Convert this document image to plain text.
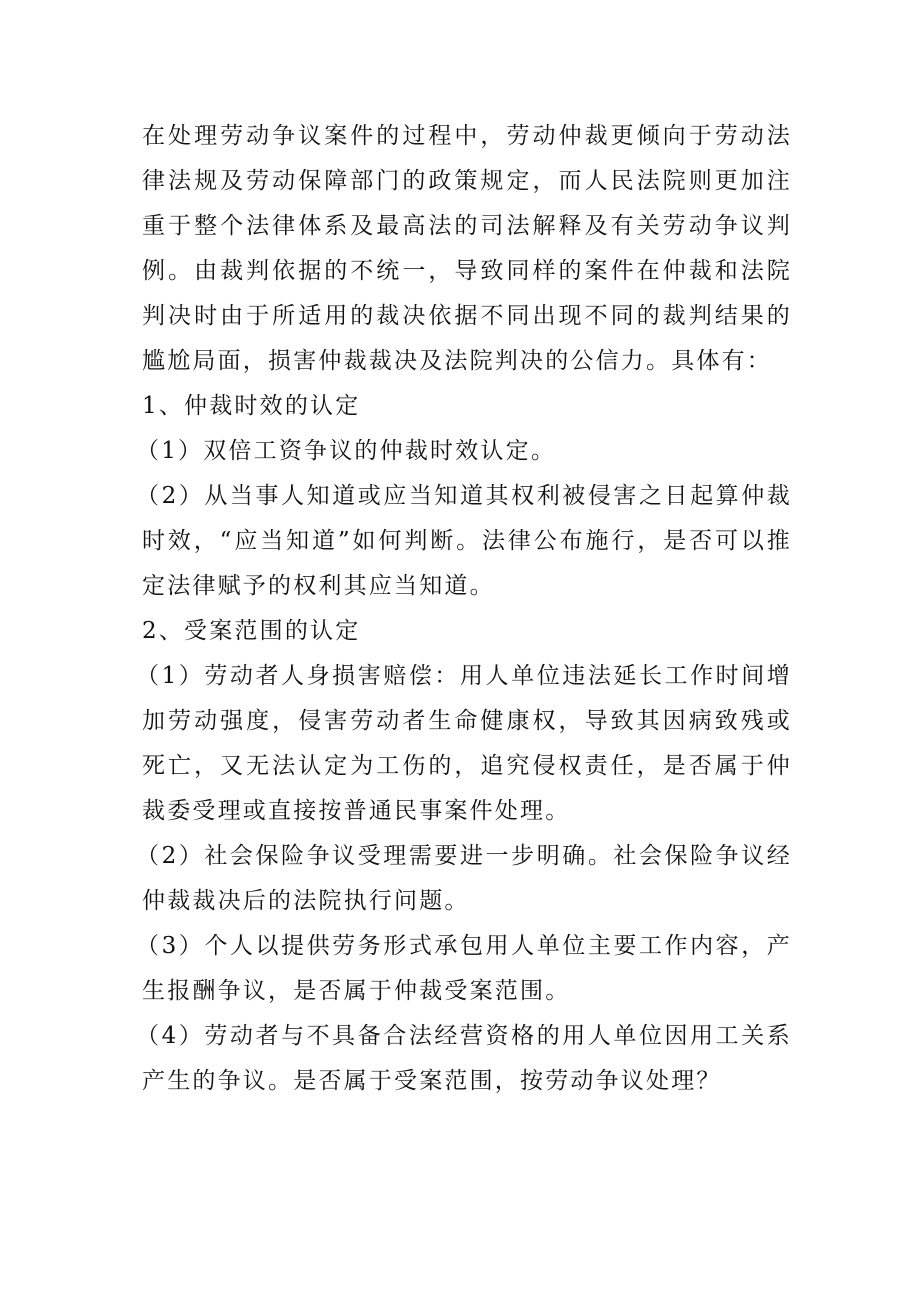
在处理劳动争议案件的过程中，劳动仲裁更倾向于劳动法律法规及劳动保障部门的政策规定，而人民法院则更加注重于整个法律体系及最高法的司法解释及有关劳动争议判例。由裁判依据的不统一，导致同样的案件在仲裁和法院判决时由于所适用的裁决依据不同出现不同的裁判结果的尴尬局面，损害仲裁裁决及法院判决的公信力。具体有：

1、仲裁时效的认定

（1）双倍工资争议的仲裁时效认定。

（2）从当事人知道或应当知道其权利被侵害之日起算仲裁时效，“应当知道”如何判断。法律公布施行，是否可以推定法律赋予的权利其应当知道。

2、受案范围的认定

（1）劳动者人身损害赔偿：用人单位违法延长工作时间增加劳动强度，侵害劳动者生命健康权，导致其因病致残或死亡，又无法认定为工伤的，追究侵权责任，是否属于仲裁委受理或直接按普通民事案件处理。

（2）社会保险争议受理需要进一步明确。社会保险争议经仲裁裁决后的法院执行问题。

（3）个人以提供劳务形式承包用人单位主要工作内容，产生报酬争议，是否属于仲裁受案范围。

（4）劳动者与不具备合法经营资格的用人单位因用工关系产生的争议。是否属于受案范围，按劳动争议处理？
